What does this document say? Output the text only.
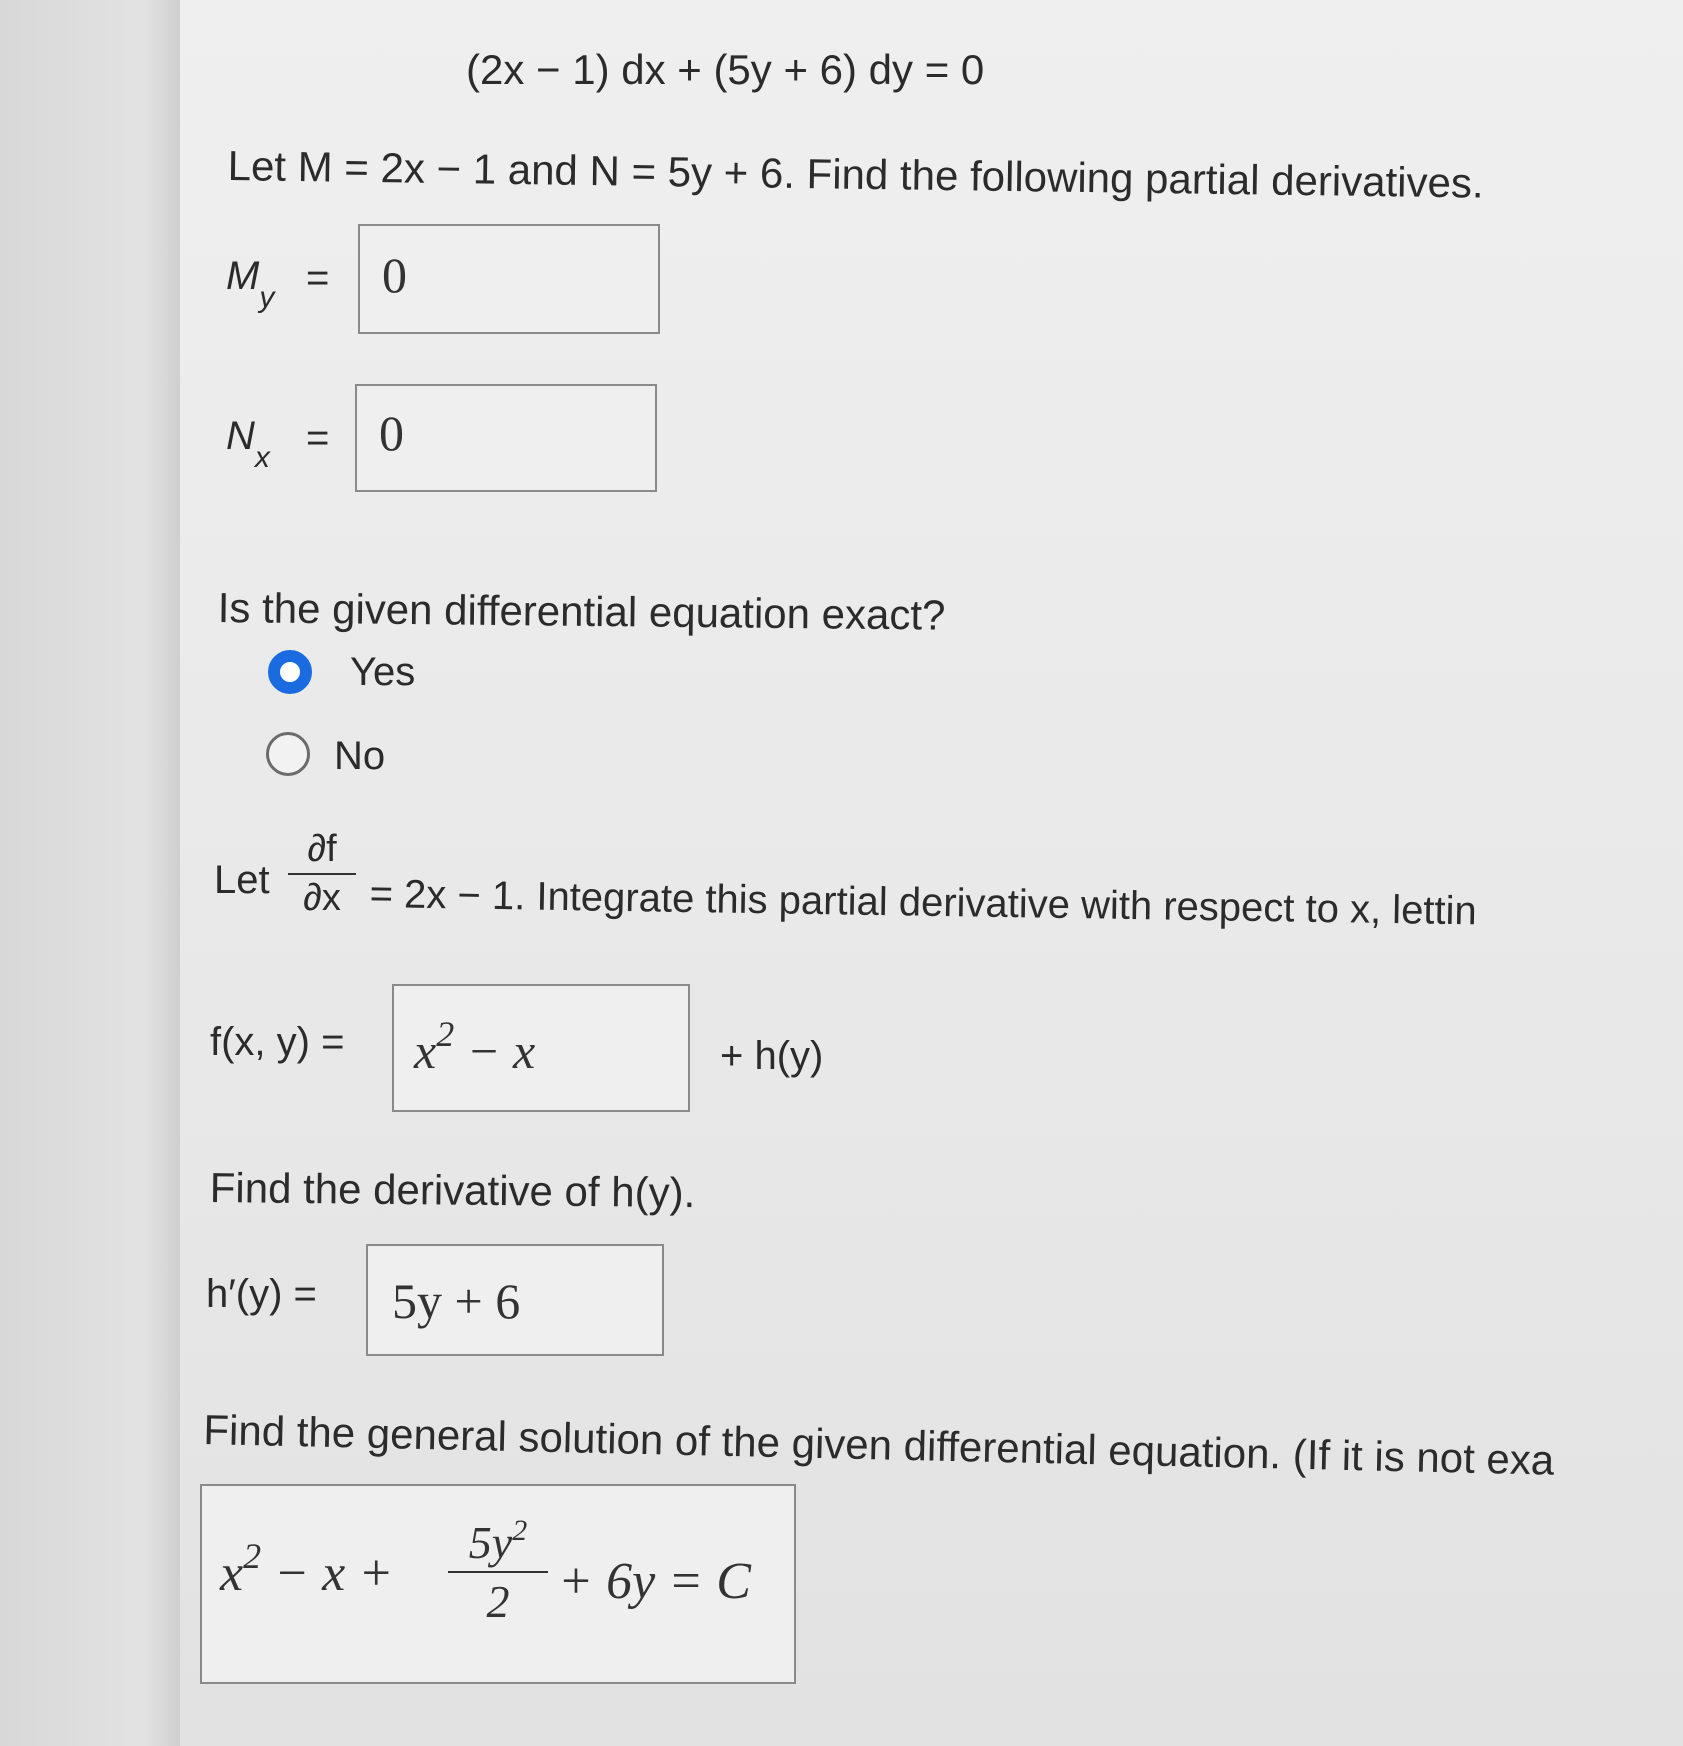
(2x − 1) dx + (5y + 6) dy = 0
Let M = 2x − 1 and N = 5y + 6. Find the following partial derivatives.
$M_y = 0$
$N_x = 0$
Is the given differential equation exact?
Yes
No
Let
∂f
∂x = 2x − 1. Integrate this partial derivative with respect to x, lettin
f(x, $y) = x^2 - x$	+ h(y)
Find the derivative of h(y).
h′(y) = 5y + 6
Find the general solution of the given differential equation. (If it is not exa
$x^2 - x$ +
$5y^2$
2 + 6y = C
